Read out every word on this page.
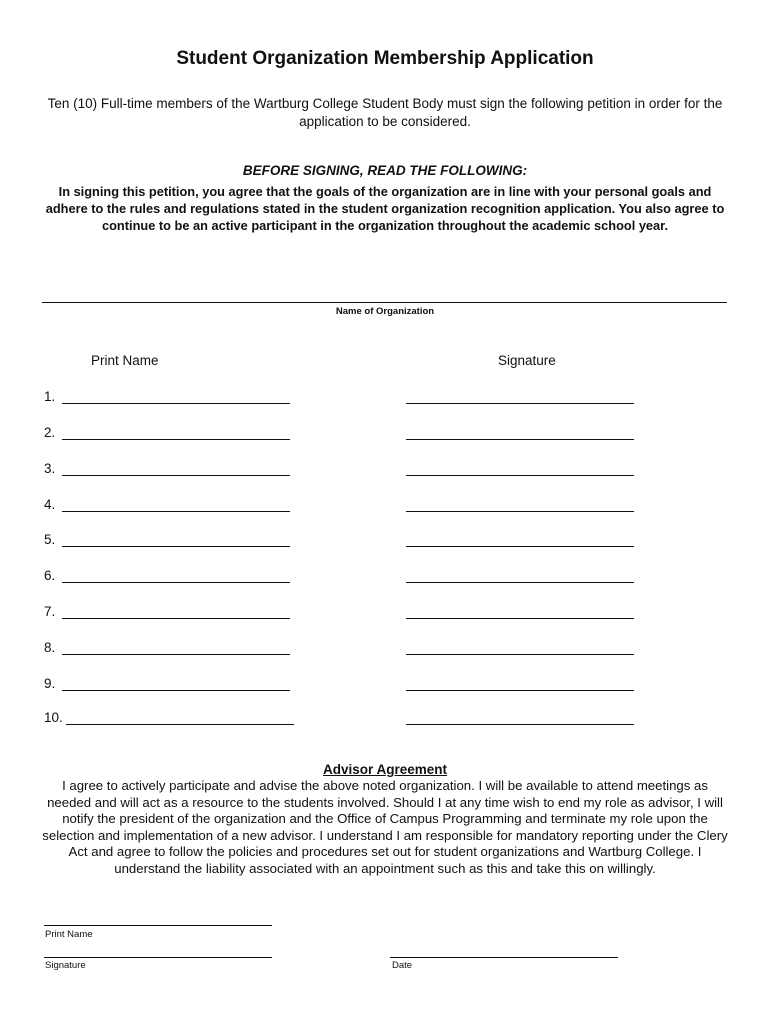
Student Organization Membership Application
Ten (10) Full-time members of the Wartburg College Student Body must sign the following petition in order for the application to be considered.
BEFORE SIGNING, READ THE FOLLOWING:
In signing this petition, you agree that the goals of the organization are in line with your personal goals and adhere to the rules and regulations stated in the student organization recognition application. You also agree to continue to be an active participant in the organization throughout the academic school year.
Name of Organization
Print Name	Signature
1.
2.
3.
4.
5.
6.
7.
8.
9.
10.
Advisor Agreement
I agree to actively participate and advise the above noted organization. I will be available to attend meetings as needed and will act as a resource to the students involved. Should I at any time wish to end my role as advisor, I will notify the president of the organization and the Office of Campus Programming and terminate my role upon the selection and implementation of a new advisor. I understand I am responsible for mandatory reporting under the Clery Act and agree to follow the policies and procedures set out for student organizations and Wartburg College. I understand the liability associated with an appointment such as this and take this on willingly.
Print Name
Signature	Date
